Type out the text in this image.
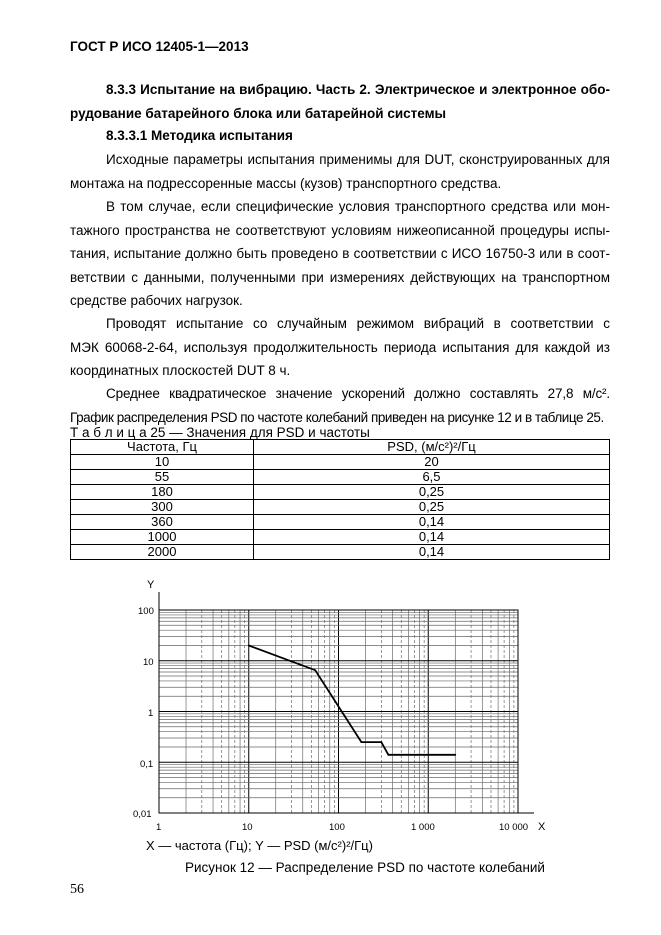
ГОСТ Р ИСО 12405-1—2013
8.3.3 Испытание на вибрацию. Часть 2. Электрическое и электронное обо-
рудование батарейного блока или батарейной системы
8.3.3.1 Методика испытания
Исходные параметры испытания применимы для DUT, сконструированных для
монтажа на подрессоренные массы (кузов) транспортного средства.
В том случае, если специфические условия транспортного средства или мон-
тажного пространства не соответствуют условиям нижеописанной процедуры испы-
тания, испытание должно быть проведено в соответствии с ИСО 16750-3 или в соот-
ветствии с данными, полученными при измерениях действующих на транспортном
средстве рабочих нагрузок.
Проводят испытание со случайным режимом вибраций в соответствии с
МЭК 60068-2-64, используя продолжительность периода испытания для каждой из
координатных плоскостей DUT 8 ч.
Среднее квадратическое значение ускорений должно составлять 27,8 м/с².
График распределения PSD по частоте колебаний приведен на рисунке 12 и в таблице 25.
Т а б л и ц а 25 — Значения для PSD и частоты
Частота, Гц	PSD, (м/с²)²/Гц
10	20
55	6,5
180	0,25
300	0,25
360	0,14
1000	0,14
2000	0,14
Y
X
100
10
1
0,1
0,01
1	10	100	1 000	10 000
X — частота (Гц); Y — PSD (м/с²)²/Гц)
Рисунок 12 — Распределение PSD по частоте колебаний
56
